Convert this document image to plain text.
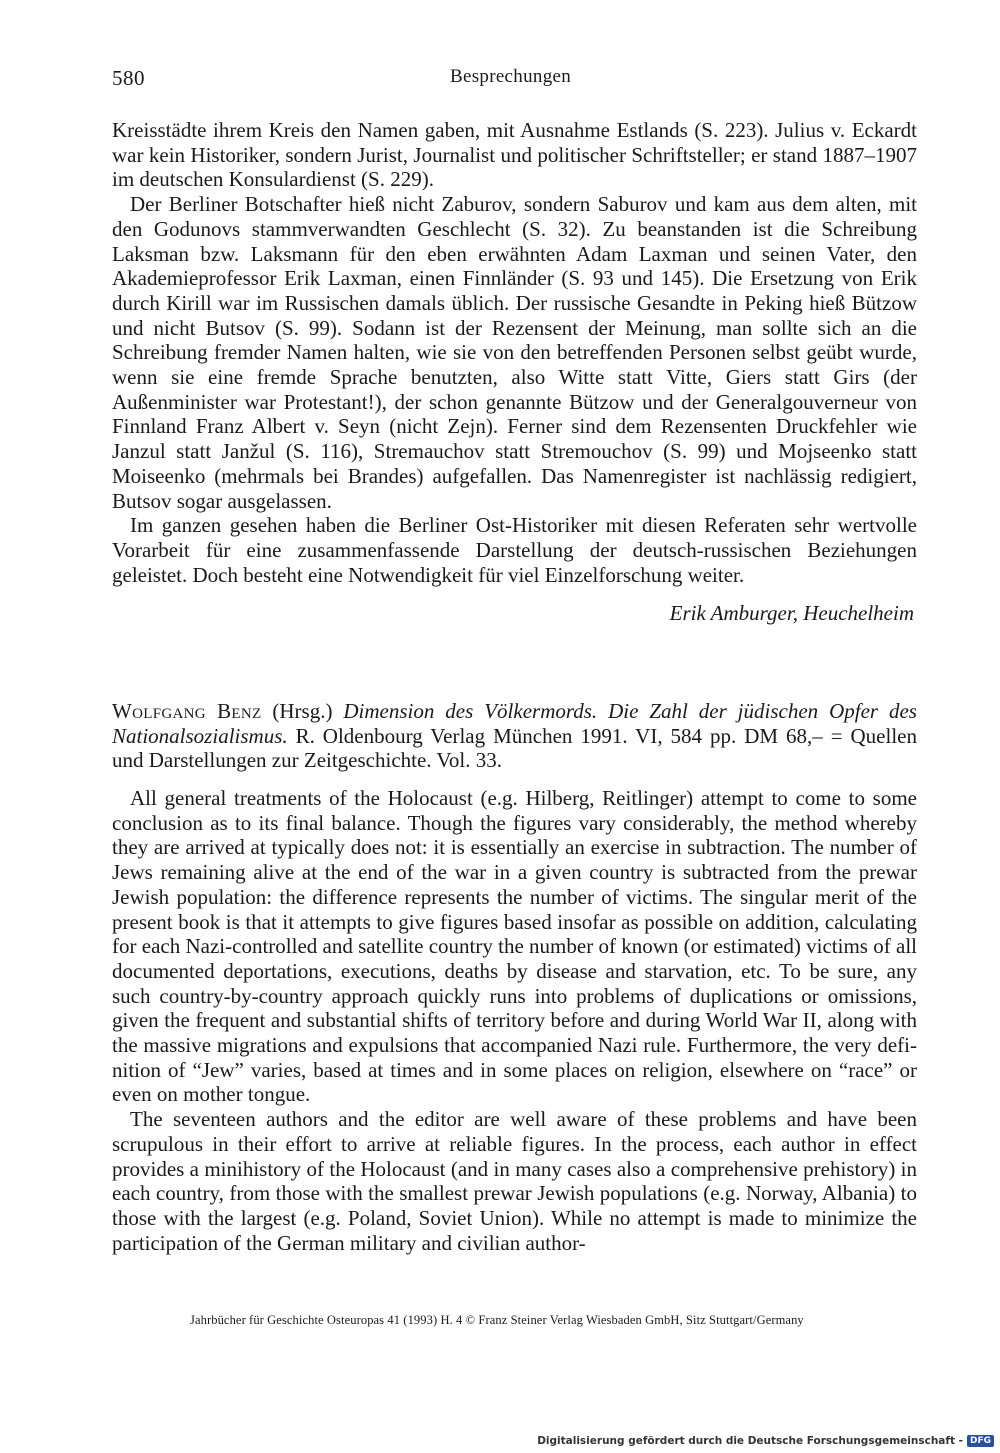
580	Besprechungen

Kreisstädte ihrem Kreis den Namen gaben, mit Ausnahme Estlands (S. 223). Julius v. Eckardt war kein Historiker, sondern Jurist, Journalist und politischer Schriftsteller; er stand 1887–1907 im deutschen Konsulardienst (S. 229).

Der Berliner Botschafter hieß nicht Zaburov, sondern Saburov und kam aus dem alten, mit den Godunovs stammverwandten Geschlecht (S. 32). Zu beanstanden ist die Schreibung Laksman bzw. Laksmann für den eben erwähnten Adam Laxman und seinen Vater, den Akademieprofessor Erik Laxman, einen Finnländer (S. 93 und 145). Die Ersetzung von Erik durch Kirill war im Russischen damals üblich. Der russische Gesandte in Peking hieß Bützow und nicht Butsov (S. 99). Sodann ist der Rezensent der Meinung, man sollte sich an die Schreibung fremder Namen halten, wie sie von den betreffenden Personen selbst geübt wurde, wenn sie eine fremde Sprache benutzten, also Witte statt Vitte, Giers statt Girs (der Außenminister war Protestant!), der schon genannte Bützow und der Generalgouverneur von Finnland Franz Albert v. Seyn (nicht Zejn). Ferner sind dem Rezensenten Druckfehler wie Janzul statt Janžul (S. 116), Stremauchov statt Stremouchov (S. 99) und Mojseenko statt Moiseenko (mehrmals bei Brandes) aufgefallen. Das Namenregister ist nachlässig redigiert, Butsov sogar ausgelassen.

Im ganzen gesehen haben die Berliner Ost-Historiker mit diesen Referaten sehr wertvolle Vorarbeit für eine zusammenfassende Darstellung der deutsch-russischen Beziehungen geleistet. Doch besteht eine Notwendigkeit für viel Einzelforschung weiter.

Erik Amburger, Heuchelheim
Wolfgang Benz (Hrsg.) Dimension des Völkermords. Die Zahl der jüdischen Opfer des Nationalsozialismus. R. Oldenbourg Verlag München 1991. VI, 584 pp. DM 68,– = Quellen und Darstellungen zur Zeitgeschichte. Vol. 33.

All general treatments of the Holocaust (e.g. Hilberg, Reitlinger) attempt to come to some conclusion as to its final balance. Though the figures vary considerably, the method whereby they are arrived at typically does not: it is essentially an exercise in subtraction. The number of Jews remaining alive at the end of the war in a given country is subtracted from the prewar Jewish population: the difference represents the number of victims. The singular merit of the present book is that it attempts to give figures based insofar as possible on addition, calculating for each Nazi-controlled and satellite country the number of known (or estimated) victims of all documented deportations, executions, deaths by disease and starvation, etc. To be sure, any such country-by-country approach quickly runs into problems of duplications or omissions, given the frequent and substantial shifts of territory before and during World War II, along with the massive migrations and expulsions that accompanied Nazi rule. Furthermore, the very definition of “Jew” varies, based at times and in some places on religion, elsewhere on “race” or even on mother tongue.

The seventeen authors and the editor are well aware of these problems and have been scrupulous in their effort to arrive at reliable figures. In the process, each author in effect provides a minihistory of the Holocaust (and in many cases also a comprehensive prehistory) in each country, from those with the smallest prewar Jewish populations (e.g. Norway, Albania) to those with the largest (e.g. Poland, Soviet Union). While no attempt is made to minimize the participation of the German military and civilian author-

Jahrbücher für Geschichte Osteuropas 41 (1993) H. 4 © Franz Steiner Verlag Wiesbaden GmbH, Sitz Stuttgart/Germany
Digitalisierung gefördert durch die Deutsche Forschungsgemeinschaft - DFG
